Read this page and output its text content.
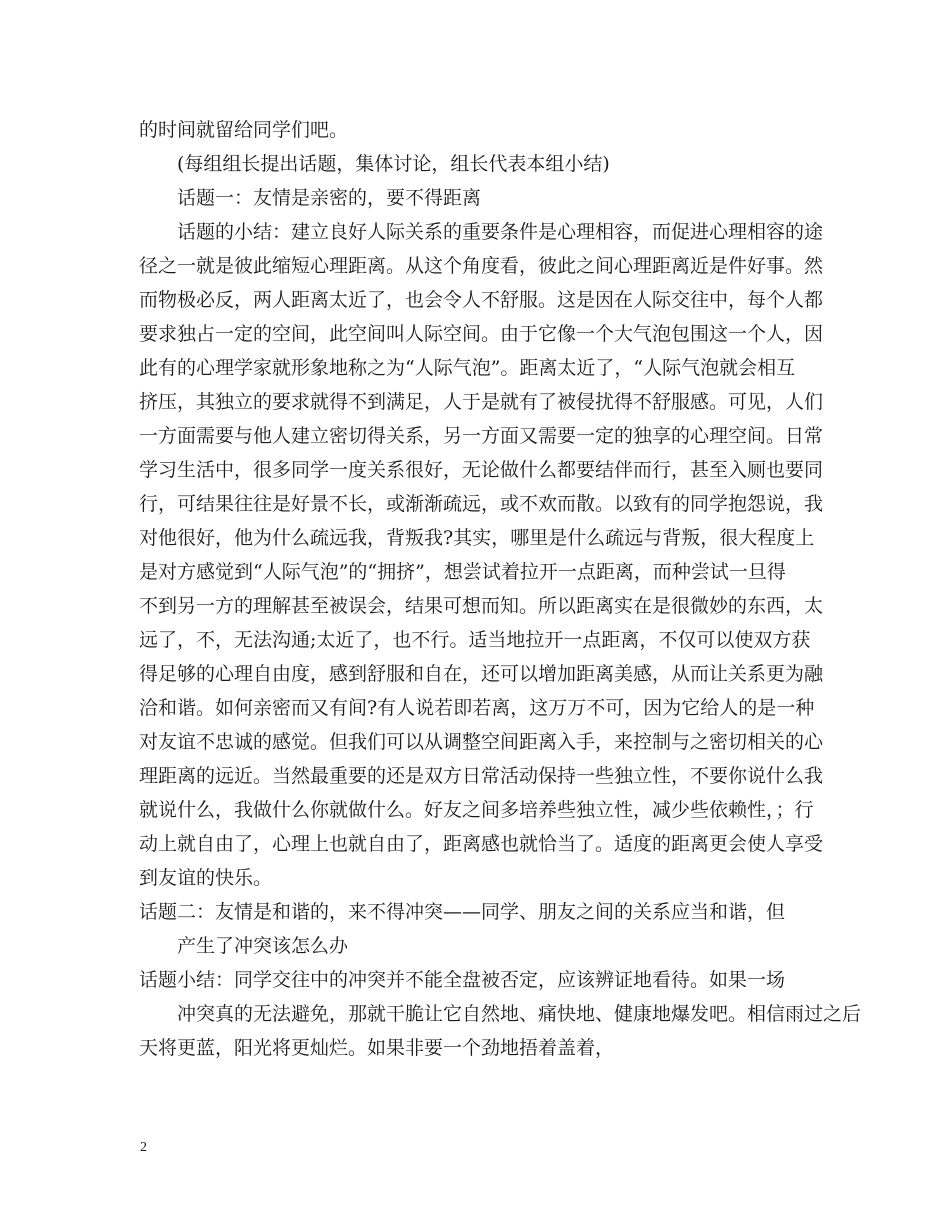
的时间就留给同学们吧。
(每组组长提出话题，集体讨论，组长代表本组小结)
话题一：友情是亲密的，要不得距离
话题的小结：建立良好人际关系的重要条件是心理相容，而促进心理相容的途
径之一就是彼此缩短心理距离。从这个角度看，彼此之间心理距离近是件好事。然
而物极必反，两人距离太近了，也会令人不舒服。这是因在人际交往中，每个人都
要求独占一定的空间，此空间叫人际空间。由于它像一个大气泡包围这一个人，因
此有的心理学家就形象地称之为“人际气泡”。距离太近了，“人际气泡就会相互
挤压，其独立的要求就得不到满足，人于是就有了被侵扰得不舒服感。可见，人们
一方面需要与他人建立密切得关系，另一方面又需要一定的独享的心理空间。日常
学习生活中，很多同学一度关系很好，无论做什么都要结伴而行，甚至入厕也要同
行，可结果往往是好景不长，或渐渐疏远，或不欢而散。以致有的同学抱怨说，我
对他很好，他为什么疏远我，背叛我?其实，哪里是什么疏远与背叛，很大程度上
是对方感觉到“人际气泡”的“拥挤”，想尝试着拉开一点距离，而种尝试一旦得
不到另一方的理解甚至被误会，结果可想而知。所以距离实在是很微妙的东西，太
远了，不，无法沟通;太近了，也不行。适当地拉开一点距离，不仅可以使双方获
得足够的心理自由度，感到舒服和自在，还可以增加距离美感，从而让关系更为融
洽和谐。如何亲密而又有间?有人说若即若离，这万万不可，因为它给人的是一种
对友谊不忠诚的感觉。但我们可以从调整空间距离入手，来控制与之密切相关的心
理距离的远近。当然最重要的还是双方日常活动保持一些独立性，不要你说什么我
就说什么，我做什么你就做什么。好友之间多培养些独立性，减少些依赖性，；行
动上就自由了，心理上也就自由了，距离感也就恰当了。适度的距离更会使人享受
到友谊的快乐。
话题二：友情是和谐的，来不得冲突——同学、朋友之间的关系应当和谐，但
产生了冲突该怎么办
话题小结：同学交往中的冲突并不能全盘被否定，应该辨证地看待。如果一场
冲突真的无法避免，那就干脆让它自然地、痛快地、健康地爆发吧。相信雨过之后
天将更蓝，阳光将更灿烂。如果非要一个劲地捂着盖着，
2
